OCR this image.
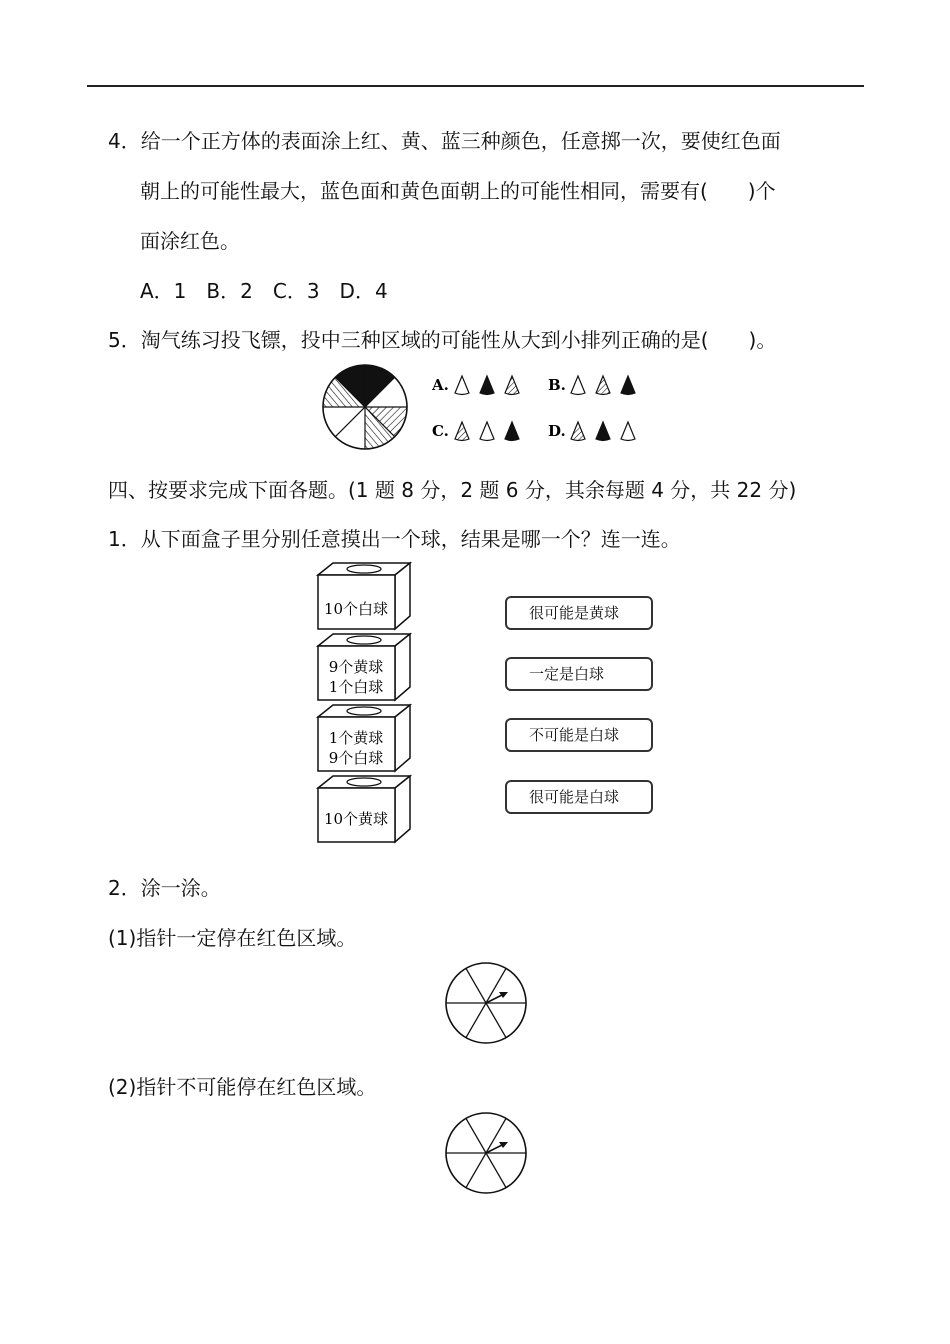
4．给一个正方体的表面涂上红、黄、蓝三种颜色，任意掷一次，要使红色面
朝上的可能性最大，蓝色面和黄色面朝上的可能性相同，需要有(　　)个
面涂红色。
A．1　B．2　C．3　D．4
5．淘气练习投飞镖，投中三种区域的可能性从大到小排列正确的是(　　)。
A.	B.
C.	D.
四、按要求完成下面各题。(1 题 8 分，2 题 6 分，其余每题 4 分，共 22 分)
1．从下面盒子里分别任意摸出一个球，结果是哪一个？连一连。
10个白球
9个黄球
1个白球
1个黄球
9个白球
10个黄球
很可能是黄球
一定是白球
不可能是白球
很可能是白球
2．涂一涂。
(1)指针一定停在红色区域。
(2)指针不可能停在红色区域。
